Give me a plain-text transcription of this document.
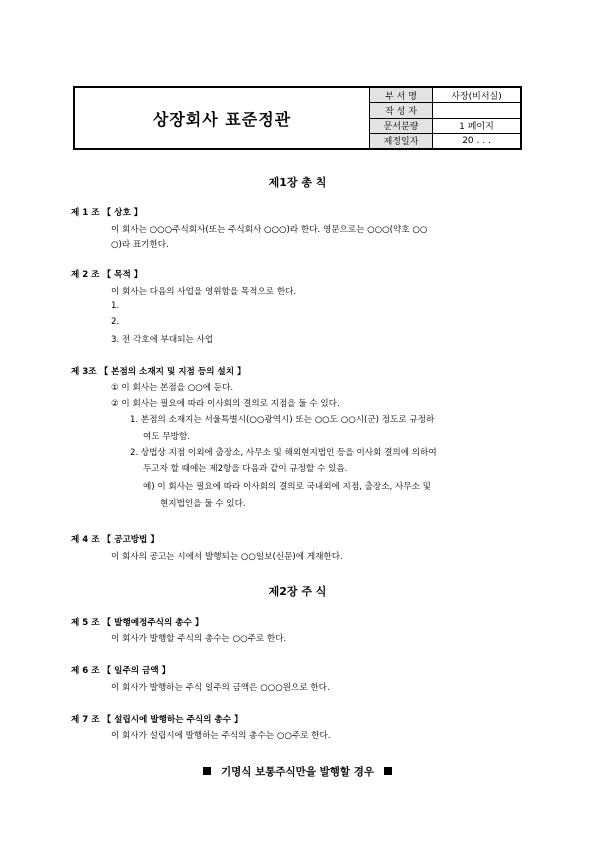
상장회사 표준정관
부 서 명	사장(비서실)
작 성 자
문서분량	1 페이지
제정일자	20 . . .
제1장 총 칙
제 1 조 【 상호 】
이 회사는 ○○○주식회사(또는 주식회사 ○○○)라 한다. 영문으로는 ○○○(약호 ○○
○)라 표기한다.
제 2 조 【 목적 】
이 회사는 다음의 사업을 영위함을 목적으로 한다.
1.
2.
3. 전 각호에 부대되는 사업
제 3조 【 본점의 소재지 및 지점 등의 설치 】
① 이 회사는 본점을 ○○에 둔다.
② 이 회사는 필요에 따라 이사회의 결의로 지점을 둘 수 있다.
1. 본점의 소재지는 서울특별시(○○광역시) 또는 ○○도 ○○시(군) 정도로 규정하
여도 무방함.
2. 상법상 지점 이외에 출장소, 사무소 및 해외현지법인 등을 이사회 결의에 의하여
두고자 할 때에는 제2항을 다음과 같이 규정할 수 있음.
예) 이 회사는 필요에 따라 이사회의 결의로 국내외에 지점, 출장소, 사무소 및
현지법인을 둘 수 있다.
제 4 조 【 공고방법 】
이 회사의 공고는 시에서 발행되는 ○○일보(신문)에 게재한다.
제2장 주 식
제 5 조 【 발행예정주식의 총수 】
이 회사가 발행할 주식의 총수는 ○○주로 한다.
제 6 조 【 일주의 금액 】
이 회사가 발행하는 주식 일주의 금액은 ○○○원으로 한다.
제 7 조 【 설립시에 발행하는 주식의 총수 】
이 회사가 설립시에 발행하는 주식의 총수는 ○○주로 한다.
기명식 보통주식만을 발행할 경우
